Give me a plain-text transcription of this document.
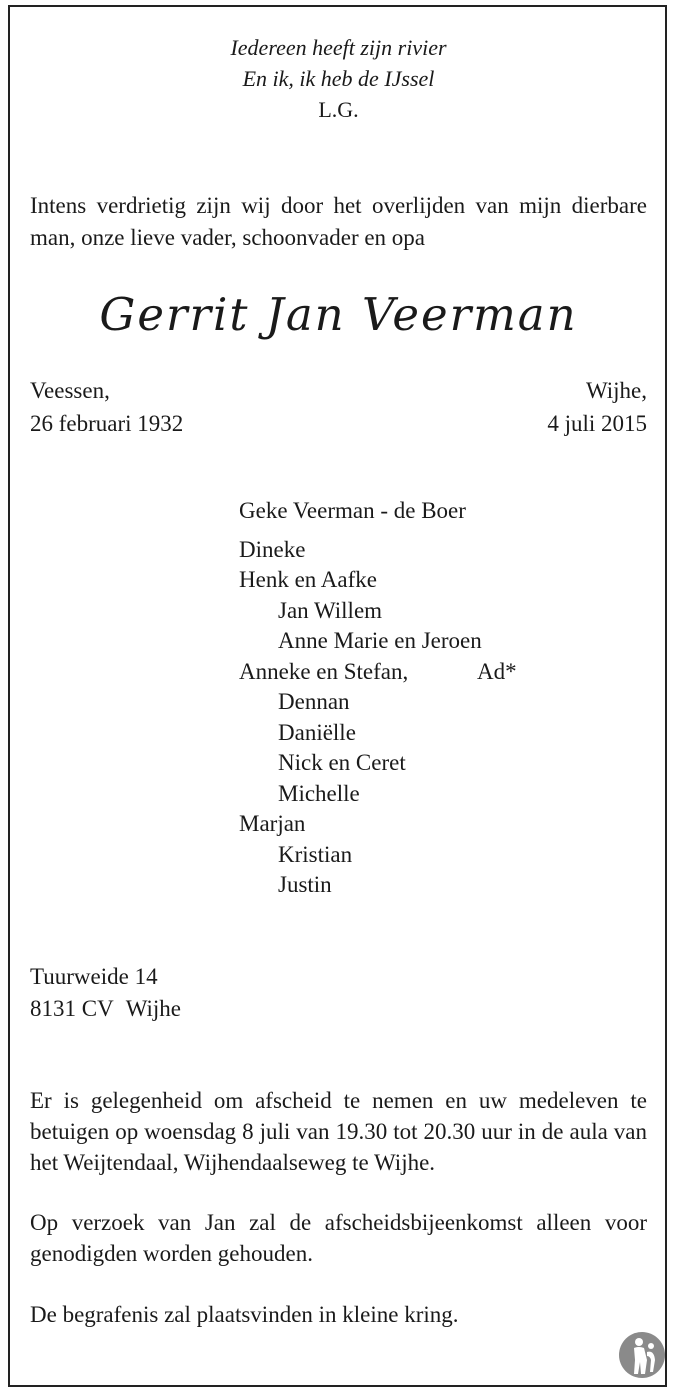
Iedereen heeft zijn rivier
En ik, ik heb de IJssel
L.G.
Intens verdrietig zijn wij door het overlijden van mijn dierbare man, onze lieve vader, schoonvader en opa
Gerrit Jan Veerman
Veessen,
26 februari 1932
Wijhe,
4 juli 2015
Geke Veerman - de Boer
Dineke
Henk en Aafke
Jan Willem
Anne Marie en Jeroen
Anneke en Stefan,	Ad*
Dennan
Daniëlle
Nick en Ceret
Michelle
Marjan
Kristian
Justin
Tuurweide 14
8131 CV Wijhe
Er is gelegenheid om afscheid te nemen en uw medeleven te betuigen op woensdag 8 juli van 19.30 tot 20.30 uur in de aula van het Weijtendaal, Wijhendaalseweg te Wijhe.
Op verzoek van Jan zal de afscheidsbijeenkomst alleen voor genodigden worden gehouden.
De begrafenis zal plaatsvinden in kleine kring.
